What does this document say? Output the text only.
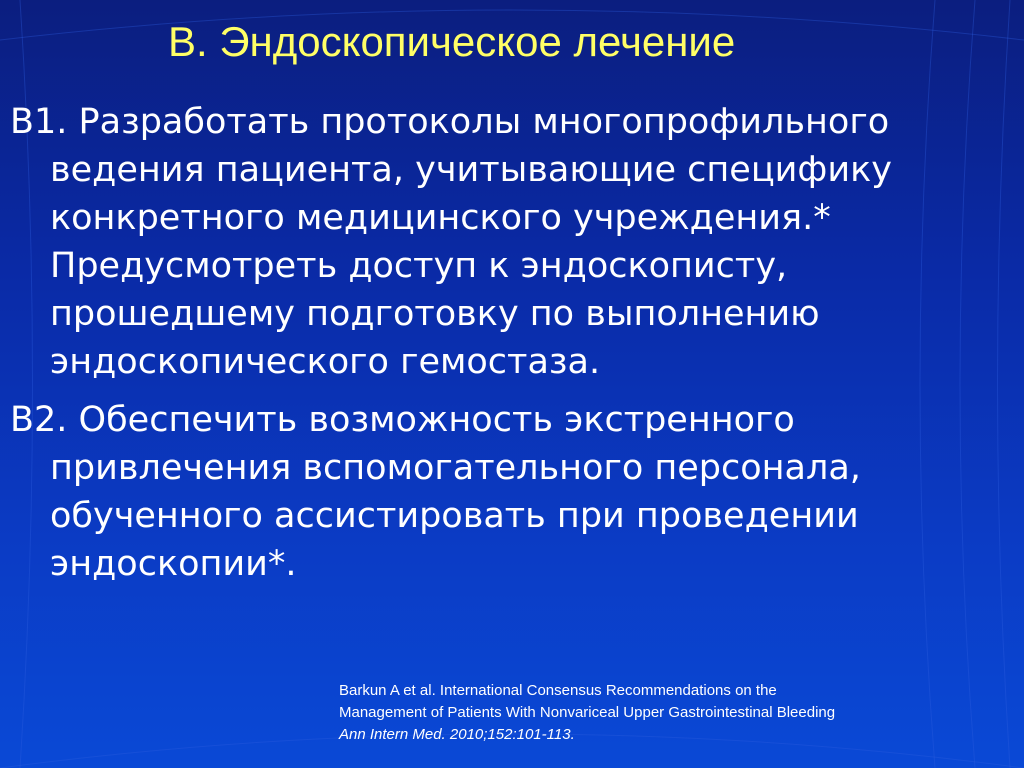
В. Эндоскопическое лечение
В1. Разработать протоколы многопрофильного ведения пациента, учитывающие специфику конкретного медицинского учреждения.* Предусмотреть доступ к эндоскописту, прошедшему подготовку по выполнению эндоскопического гемостаза.
В2. Обеспечить возможность экстренного привлечения вспомогательного персонала, обученного ассистировать при проведении эндоскопии*.
Barkun A et al. International Consensus Recommendations on the
Management of Patients With Nonvariceal Upper Gastrointestinal Bleeding
Ann Intern Med. 2010;152:101-113.
